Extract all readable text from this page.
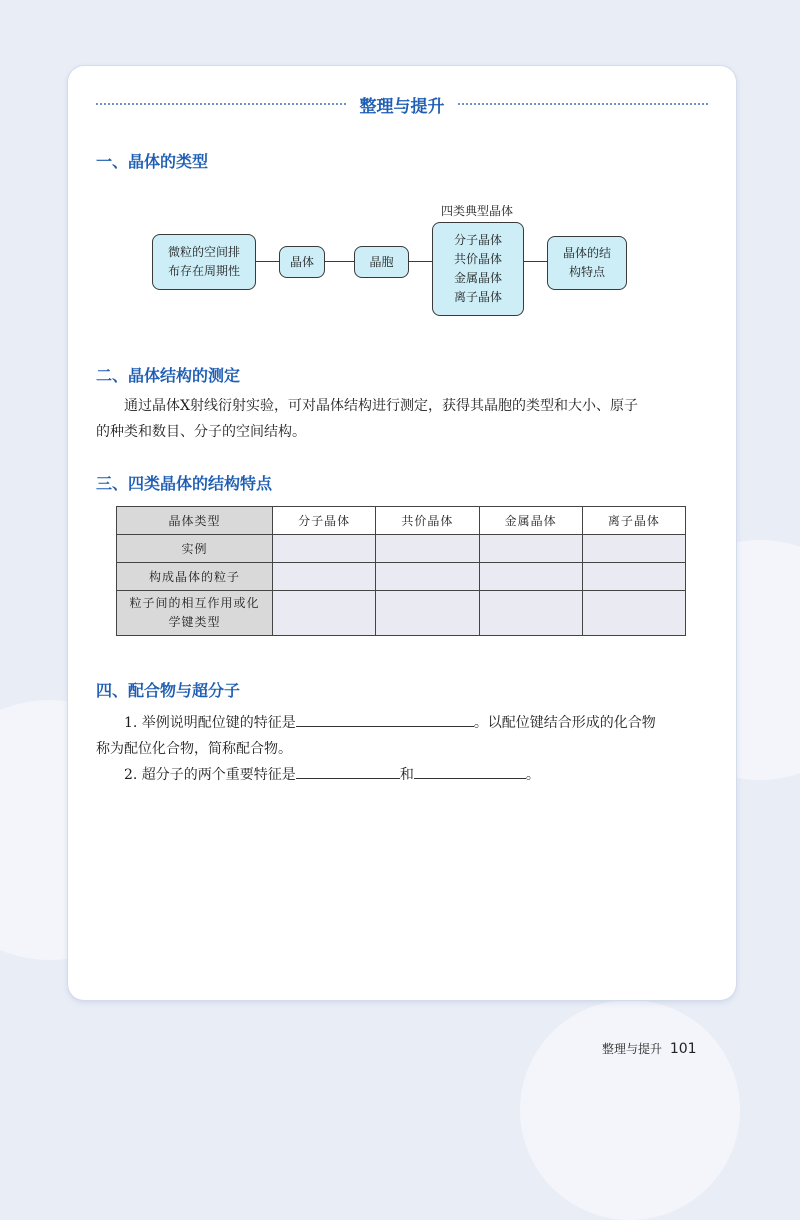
整理与提升
一、晶体的类型
微粒的空间排
布存在周期性
晶体	晶胞
四类典型晶体
分子晶体
共价晶体
金属晶体
离子晶体
晶体的结
构特点
二、晶体结构的测定
通过晶体X射线衍射实验，可对晶体结构进行测定，获得其晶胞的类型和大小、原子
的种类和数目、分子的空间结构。
三、四类晶体的结构特点
晶体类型	分子晶体	共价晶体	金属晶体	离子晶体
实例				
构成晶体的粒子				
粒子间的相互作用或化
学键类型				
四、配合物与超分子
1. 举例说明配位键的特征是	。以配位键结合形成的化合物
称为配位化合物，简称配合物。
2. 超分子的两个重要特征是	和	。
整理与提升 101
